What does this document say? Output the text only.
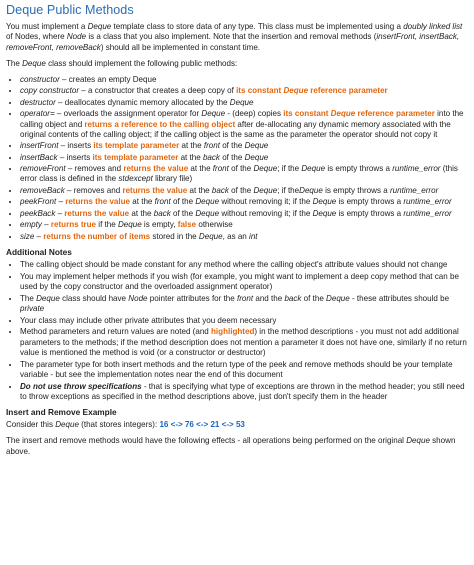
Deque Public Methods

You must implement a Deque template class to store data of any type. This class must be implemented using a doubly linked list of Nodes, where Node is a class that you also implement. Note that the insertion and removal methods (insertFront, insertBack, removeFront, removeBack) should all be implemented in constant time.

The Deque class should implement the following public methods:

• constructor – creates an empty Deque
• copy constructor – a constructor that creates a deep copy of its constant Deque reference parameter
• destructor – deallocates dynamic memory allocated by the Deque
• operator= – overloads the assignment operator for Deque - (deep) copies its constant Deque reference parameter into the calling object and returns a reference to the calling object after de-allocating any dynamic memory associated with the original contents of the calling object; if the calling object is the same as the parameter the operator should not copy it
• insertFront – inserts its template parameter at the front of the Deque
• insertBack – inserts its template parameter at the back of the Deque
• removeFront – removes and returns the value at the front of the Deque; if the Deque is empty throws a runtime_error (this error class is defined in the stdexcept library file)
• removeBack – removes and returns the value at the back of the Deque; if theDeque is empty throws a runtime_error
• peekFront – returns the value at the front of the Deque without removing it; if the Deque is empty throws a runtime_error
• peekBack – returns the value at the back of the Deque without removing it; if the Deque is empty throws a runtime_error
• empty – returns true if the Deque is empty, false otherwise
• size – returns the number of items stored in the Deque, as an int
Additional Notes
• The calling object should be made constant for any method where the calling object's attribute values should not change
• You may implement helper methods if you wish (for example, you might want to implement a deep copy method that can be used by the copy constructor and the overloaded assignment operator)
• The Deque class should have Node pointer attributes for the front and the back of the Deque - these attributes should be private
• Your class may include other private attributes that you deem necessary
• Method parameters and return values are noted (and highlighted) in the method descriptions - you must not add additional parameters to the methods; if the method description does not mention a parameter it does not have one, similarly if no return value is mentioned the method is void (or a constructor or destructor)
• The parameter type for both insert methods and the return type of the peek and remove methods should be your template variable - but see the implementation notes near the end of this document
• Do not use throw specifications - that is specifying what type of exceptions are thrown in the method header; you still need to throw exceptions as specified in the method descriptions above, just don't specify them in the header
Insert and Remove Example

Consider this Deque (that stores integers): 16 <-> 76 <-> 21 <-> 53

The insert and remove methods would have the following effects - all operations being performed on the original Deque shown above.
